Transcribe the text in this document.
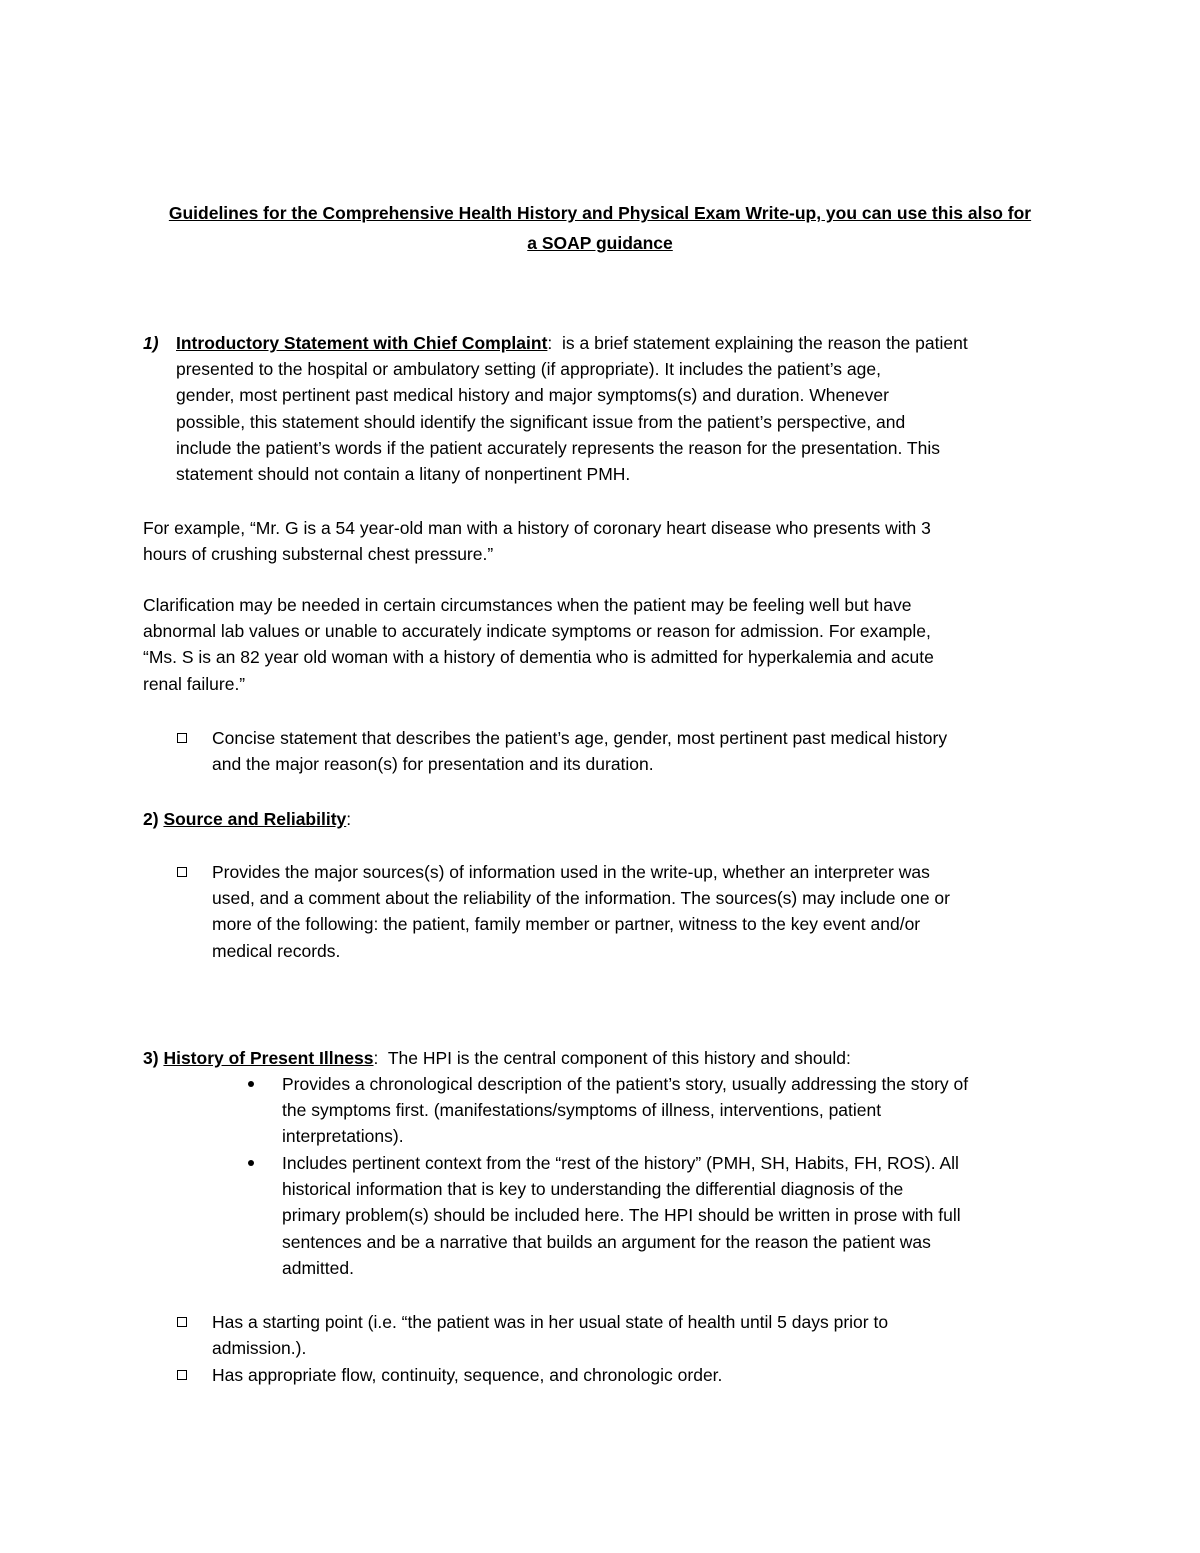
Guidelines for the Comprehensive Health History and Physical Exam Write-up, you can use this also for
a SOAP guidance
1) Introductory Statement with Chief Complaint: is a brief statement explaining the reason the patient
presented to the hospital or ambulatory setting (if appropriate). It includes the patient’s age,
gender, most pertinent past medical history and major symptoms(s) and duration. Whenever
possible, this statement should identify the significant issue from the patient’s perspective, and
include the patient’s words if the patient accurately represents the reason for the presentation. This
statement should not contain a litany of nonpertinent PMH.
For example, “Mr. G is a 54 year-old man with a history of coronary heart disease who presents with 3
hours of crushing substernal chest pressure.”
Clarification may be needed in certain circumstances when the patient may be feeling well but have
abnormal lab values or unable to accurately indicate symptoms or reason for admission. For example,
“Ms. S is an 82 year old woman with a history of dementia who is admitted for hyperkalemia and acute
renal failure.”
Concise statement that describes the patient’s age, gender, most pertinent past medical history
and the major reason(s) for presentation and its duration.
2) Source and Reliability:
Provides the major sources(s) of information used in the write-up, whether an interpreter was
used, and a comment about the reliability of the information. The sources(s) may include one or
more of the following: the patient, family member or partner, witness to the key event and/or
medical records.
3) History of Present Illness: The HPI is the central component of this history and should:
Provides a chronological description of the patient’s story, usually addressing the story of
the symptoms first. (manifestations/symptoms of illness, interventions, patient
interpretations).
Includes pertinent context from the “rest of the history” (PMH, SH, Habits, FH, ROS). All
historical information that is key to understanding the differential diagnosis of the
primary problem(s) should be included here. The HPI should be written in prose with full
sentences and be a narrative that builds an argument for the reason the patient was
admitted.
Has a starting point (i.e. “the patient was in her usual state of health until 5 days prior to
admission.).
Has appropriate flow, continuity, sequence, and chronologic order.
